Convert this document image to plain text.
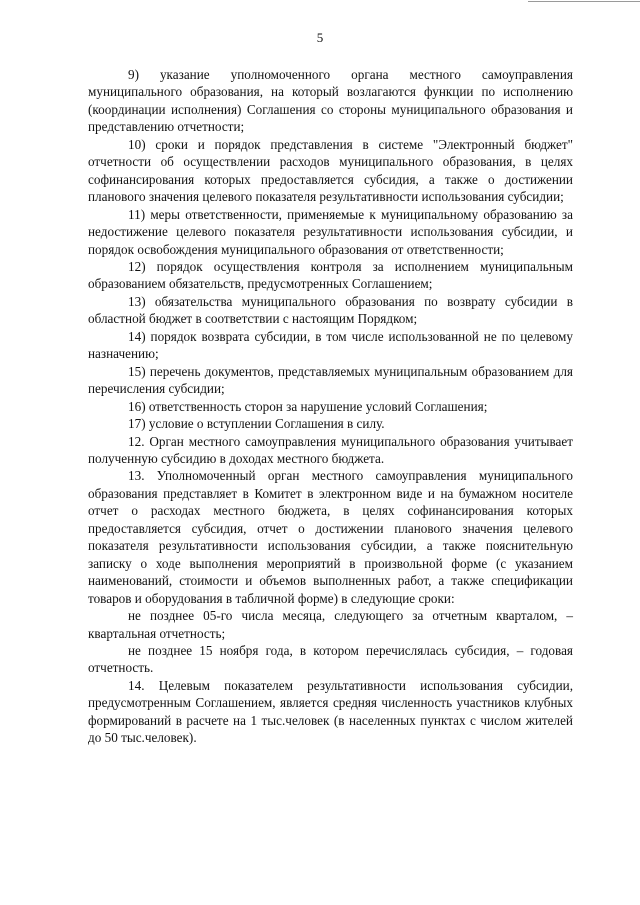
5

9) указание уполномоченного органа местного самоуправления муниципального образования, на который возлагаются функции по исполнению (координации исполнения) Соглашения со стороны муниципального образования и представлению отчетности;

10) сроки и порядок представления в системе "Электронный бюджет" отчетности об осуществлении расходов муниципального образования, в целях софинансирования которых предоставляется субсидия, а также о достижении планового значения целевого показателя результативности использования субсидии;

11) меры ответственности, применяемые к муниципальному образованию за недостижение целевого показателя результативности использования субсидии, и порядок освобождения муниципального образования от ответственности;

12) порядок осуществления контроля за исполнением муниципальным образованием обязательств, предусмотренных Соглашением;

13) обязательства муниципального образования по возврату субсидии в областной бюджет в соответствии с настоящим Порядком;

14) порядок возврата субсидии, в том числе использованной не по целевому назначению;

15) перечень документов, представляемых муниципальным образованием для перечисления субсидии;

16) ответственность сторон за нарушение условий Соглашения;

17) условие о вступлении Соглашения в силу.

12. Орган местного самоуправления муниципального образования учитывает полученную субсидию в доходах местного бюджета.

13. Уполномоченный орган местного самоуправления муниципального образования представляет в Комитет в электронном виде и на бумажном носителе отчет о расходах местного бюджета, в целях софинансирования которых предоставляется субсидия, отчет о достижении планового значения целевого показателя результативности использования субсидии, а также пояснительную записку о ходе выполнения мероприятий в произвольной форме (с указанием наименований, стоимости и объемов выполненных работ, а также спецификации товаров и оборудования в табличной форме) в следующие сроки:

не позднее 05-го числа месяца, следующего за отчетным кварталом, – квартальная отчетность;

не позднее 15 ноября года, в котором перечислялась субсидия, – годовая отчетность.

14. Целевым показателем результативности использования субсидии, предусмотренным Соглашением, является средняя численность участников клубных формирований в расчете на 1 тыс.человек (в населенных пунктах с числом жителей до 50 тыс.человек).
